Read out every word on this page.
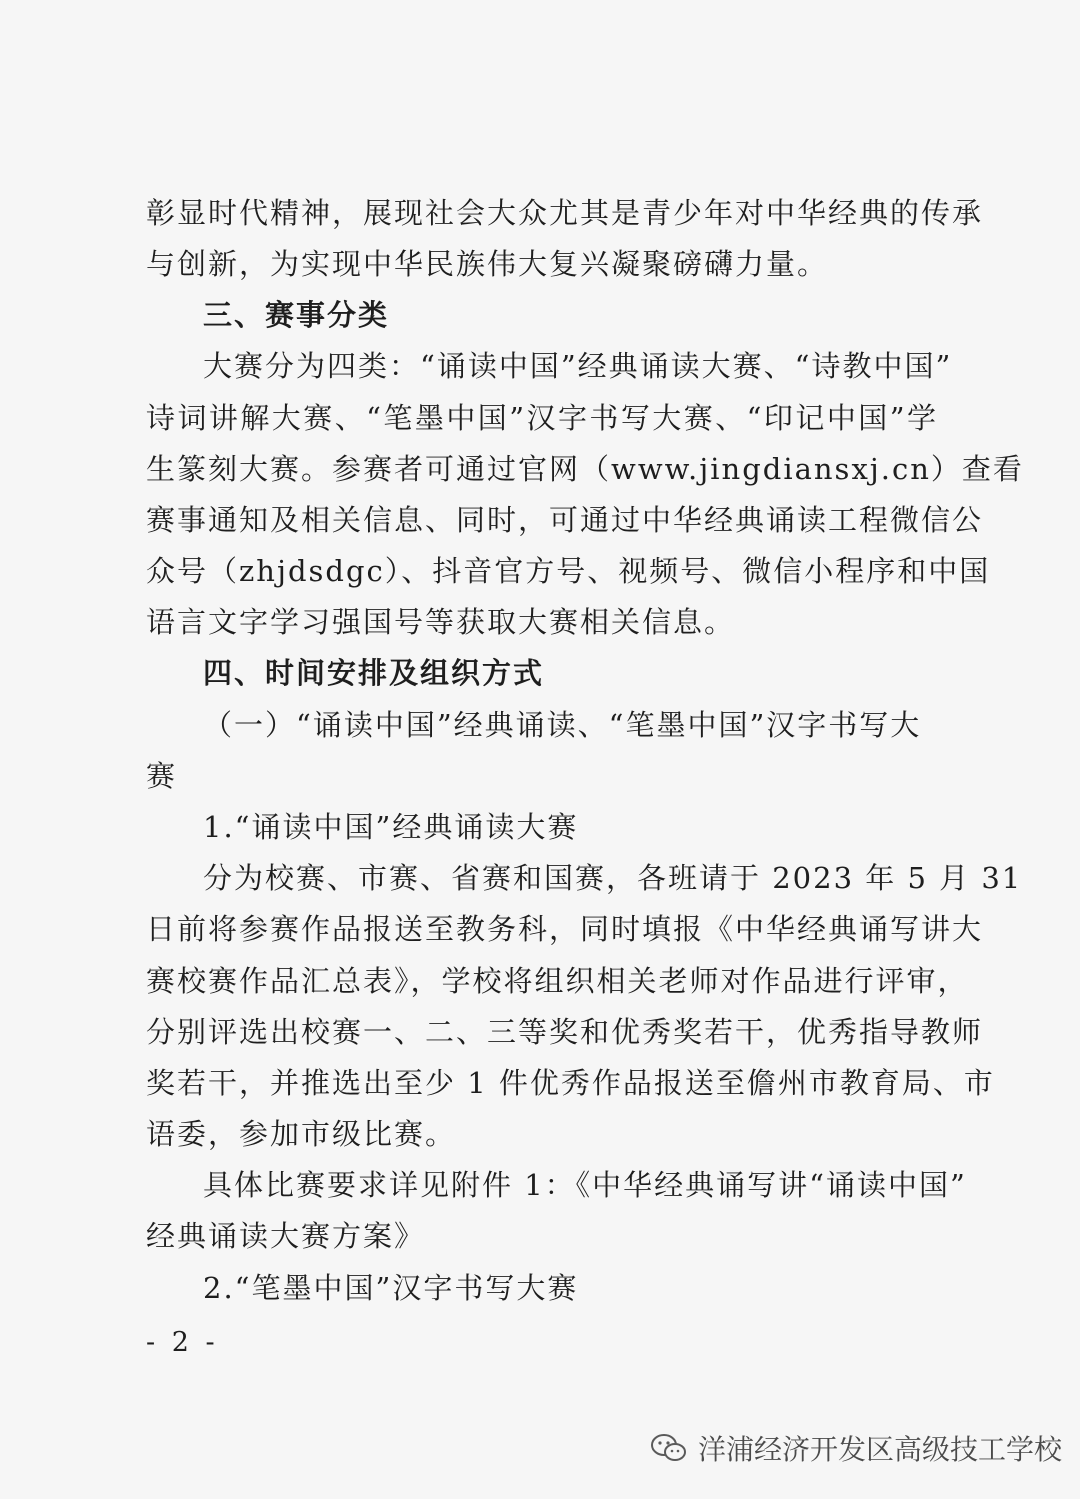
彰显时代精神，展现社会大众尤其是青少年对中华经典的传承
与创新，为实现中华民族伟大复兴凝聚磅礴力量。
三、赛事分类
大赛分为四类：“诵读中国”经典诵读大赛、“诗教中国”
诗词讲解大赛、“笔墨中国”汉字书写大赛、“印记中国”学
生篆刻大赛。参赛者可通过官网（www.jingdiansxj.cn）查看
赛事通知及相关信息、同时，可通过中华经典诵读工程微信公
众号（zhjdsdgc）、抖音官方号、视频号、微信小程序和中国
语言文字学习强国号等获取大赛相关信息。
四、时间安排及组织方式
（一）“诵读中国”经典诵读、“笔墨中国”汉字书写大
赛
1.“诵读中国”经典诵读大赛
分为校赛、市赛、省赛和国赛，各班请于 2023 年 5 月 31
日前将参赛作品报送至教务科，同时填报《中华经典诵写讲大
赛校赛作品汇总表》，学校将组织相关老师对作品进行评审，
分别评选出校赛一、二、三等奖和优秀奖若干，优秀指导教师
奖若干，并推选出至少 1 件优秀作品报送至儋州市教育局、市
语委，参加市级比赛。
具体比赛要求详见附件 1：《中华经典诵写讲“诵读中国”
经典诵读大赛方案》
2.“笔墨中国”汉字书写大赛
- 2 -
洋浦经济开发区高级技工学校
